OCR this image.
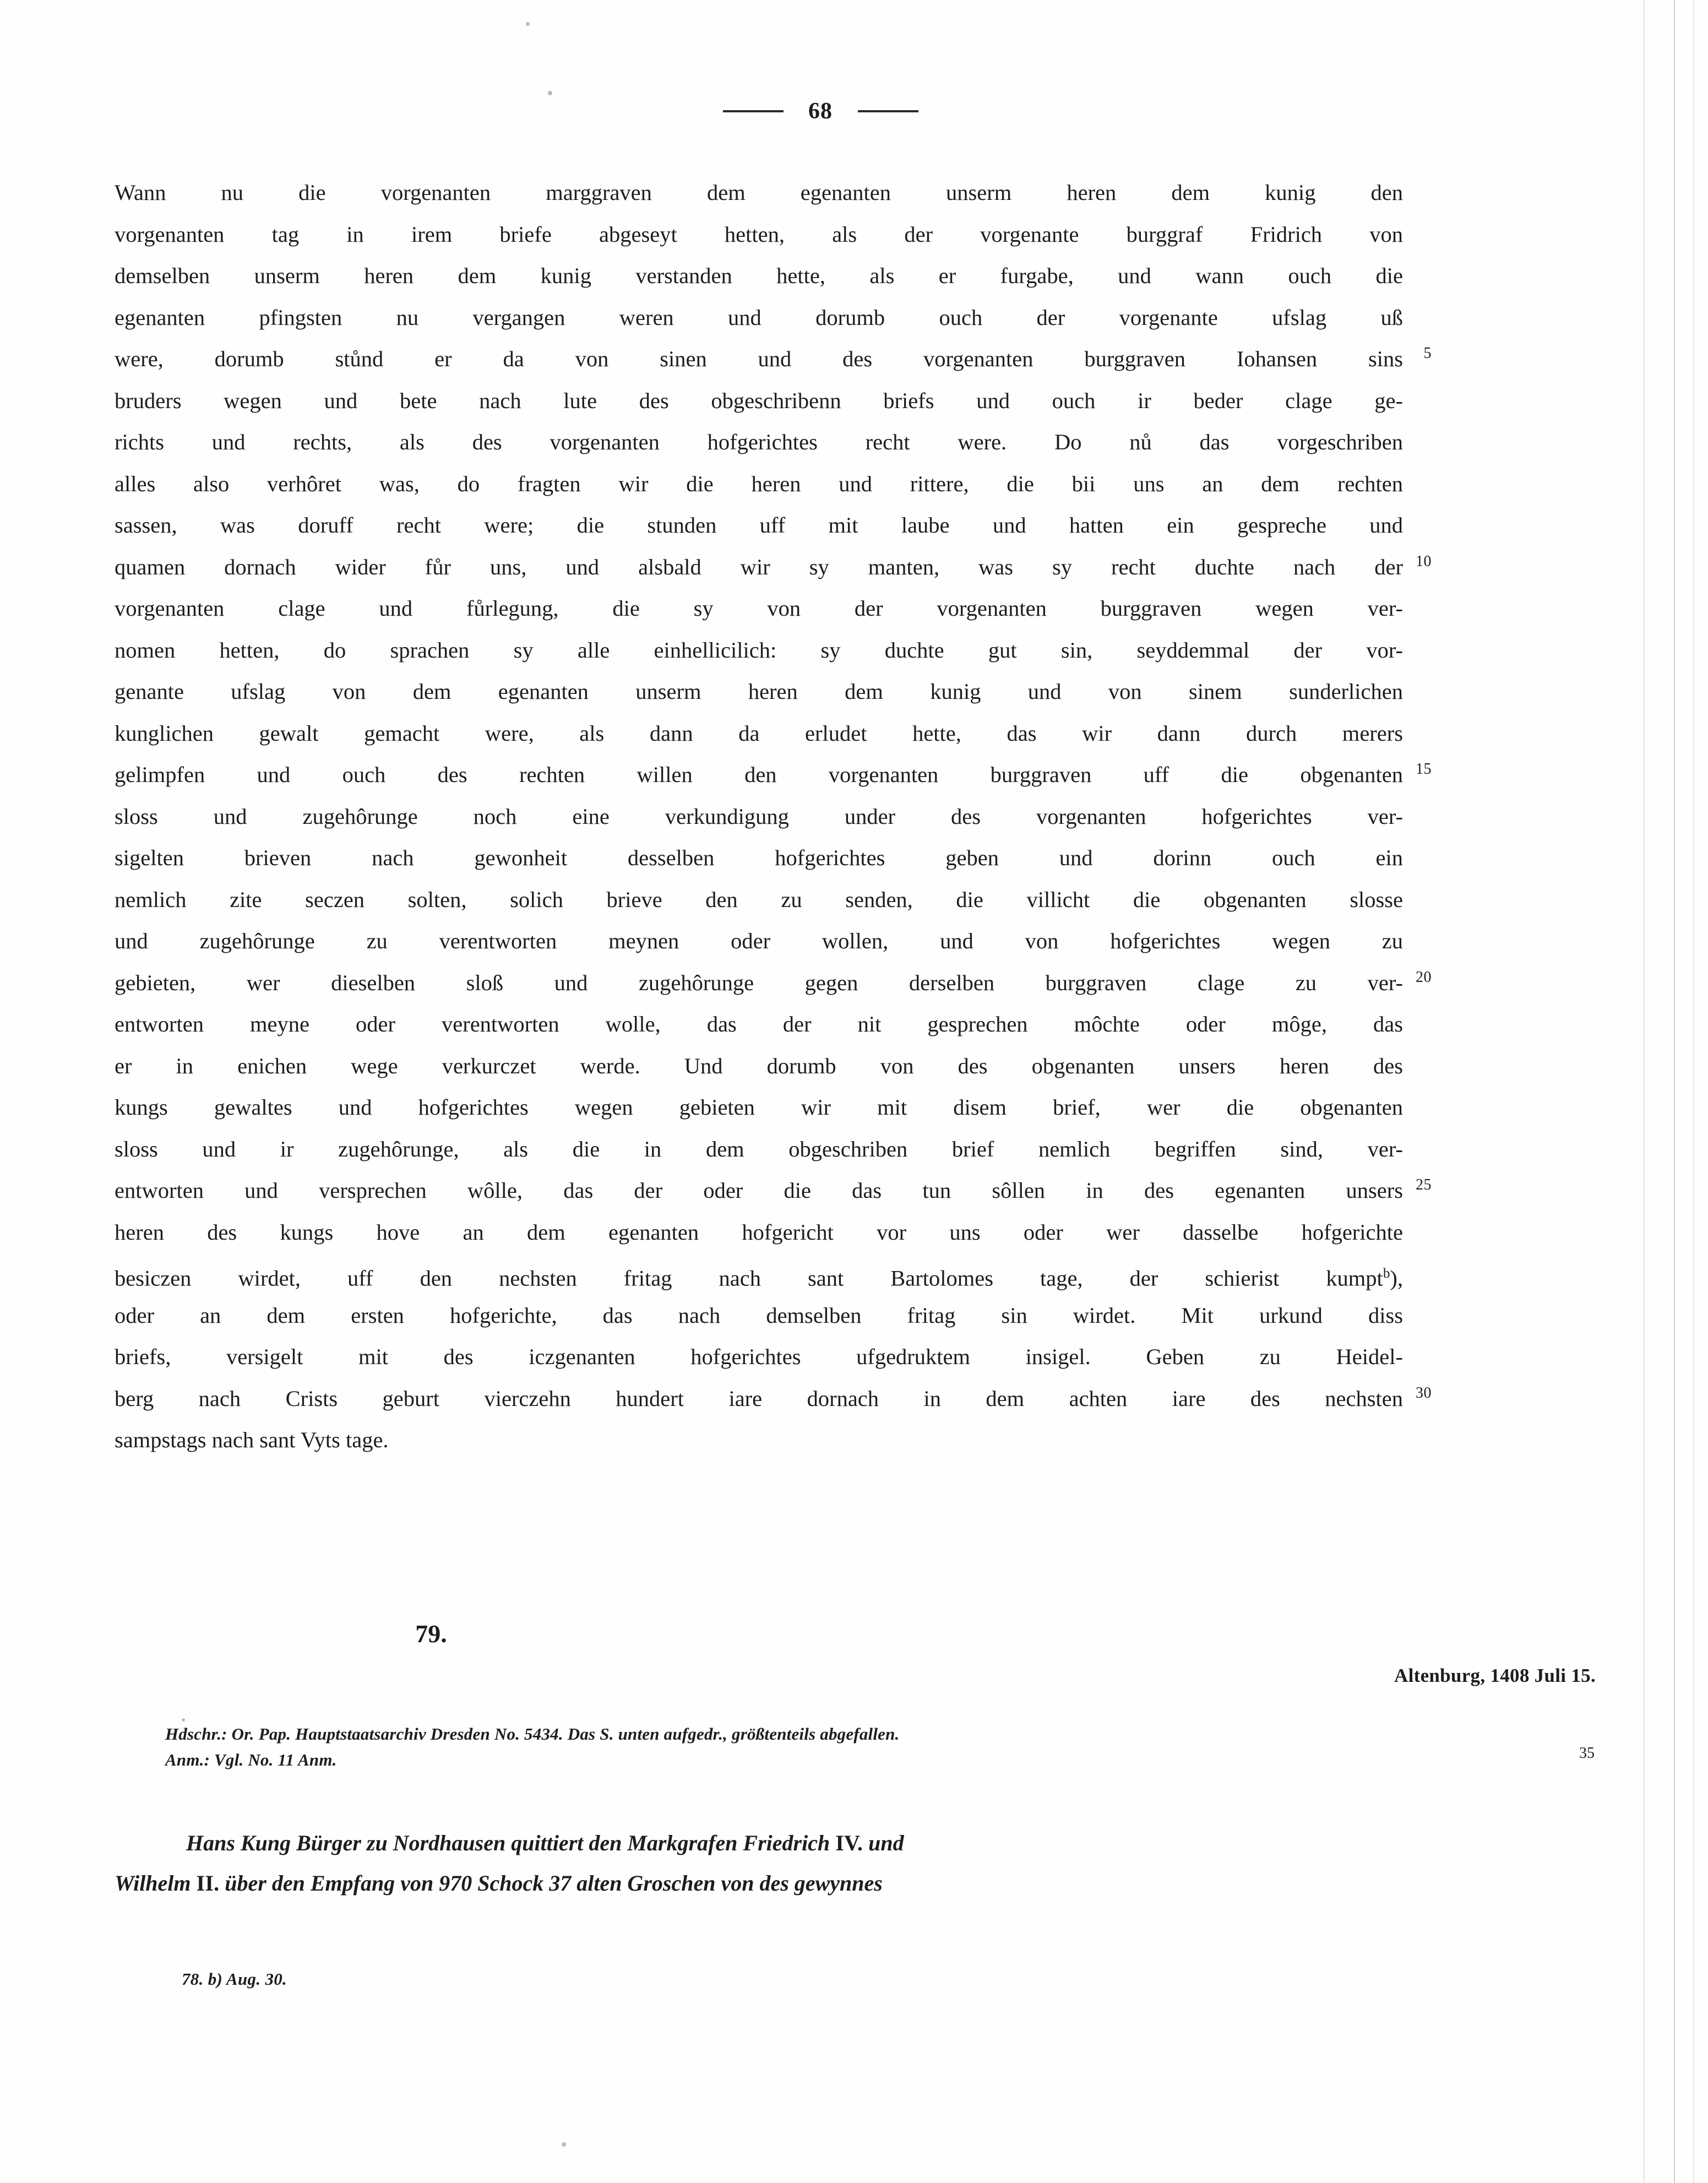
68
Wann nu die vorgenanten marggraven dem egenanten unserm heren dem kunig den
vorgenanten tag in irem briefe abgeseyt hetten, als der vorgenante burggraf Fridrich von
demselben unserm heren dem kunig verstanden hette, als er furgabe, und wann ouch die
egenanten pfingsten nu vergangen weren und dorumb ouch der vorgenante ufslag uß
were, dorumb stůnd er da von sinen und des vorgenanten burggraven Iohansen sins 5
bruders wegen und bete nach lute des obgeschribenn briefs und ouch ir beder clage ge-
richts und rechts, als des vorgenanten hofgerichtes recht were. Do nů das vorgeschriben
alles also verhôret was, do fragten wir die heren und rittere, die bii uns an dem rechten
sassen, was doruff recht were; die stunden uff mit laube und hatten ein gespreche und
quamen dornach wider fůr uns, und alsbald wir sy manten, was sy recht duchte nach der 10
vorgenanten clage und fůrlegung, die sy von der vorgenanten burggraven wegen ver-
nomen hetten, do sprachen sy alle einhellicilich: sy duchte gut sin, seyddemmal der vor-
genante ufslag von dem egenanten unserm heren dem kunig und von sinem sunderlichen
kunglichen gewalt gemacht were, als dann da erludet hette, das wir dann durch merers
gelimpfen und ouch des rechten willen den vorgenanten burggraven uff die obgenanten 15
sloss und zugehôrunge noch eine verkundigung under des vorgenanten hofgerichtes ver-
sigelten brieven nach gewonheit desselben hofgerichtes geben und dorinn ouch ein
nemlich zite seczen solten, solich brieve den zu senden, die villicht die obgenanten slosse
und zugehôrunge zu verentworten meynen oder wollen, und von hofgerichtes wegen zu
gebieten, wer dieselben sloß und zugehôrunge gegen derselben burggraven clage zu ver- 20
entworten meyne oder verentworten wolle, das der nit gesprechen môchte oder môge, das
er in enichen wege verkurczet werde. Und dorumb von des obgenanten unsers heren des
kungs gewaltes und hofgerichtes wegen gebieten wir mit disem brief, wer die obgenanten
sloss und ir zugehôrunge, als die in dem obgeschriben brief nemlich begriffen sind, ver-
entworten und versprechen wôlle, das der oder die das tun sôllen in des egenanten unsers 25
heren des kungs hove an dem egenanten hofgericht vor uns oder wer dasselbe hofgerichte
besiczen wirdet, uff den nechsten fritag nach sant Bartolomes tage, der schierist kumpt$^b$),
oder an dem ersten hofgerichte, das nach demselben fritag sin wirdet. Mit urkund diss
briefs, versigelt mit des iczgenanten hofgerichtes ufgedruktem insigel. Geben zu Heidel-
berg nach Crists geburt vierczehn hundert iare dornach in dem achten iare des nechsten 30
sampstags nach sant Vyts tage.
79.
Altenburg, 1408 Juli 15.
Hdschr.: Or. Pap. Hauptstaatsarchiv Dresden No. 5434. Das S. unten aufgedr., größtenteils abgefallen.
Anm.: Vgl. No. 11 Anm.	35
Hans Kung Bürger zu Nordhausen quittiert den Markgrafen Friedrich IV. und
Wilhelm II. über den Empfang von 970 Schock 37 alten Groschen von des gewynnes
78. b) Aug. 30.
